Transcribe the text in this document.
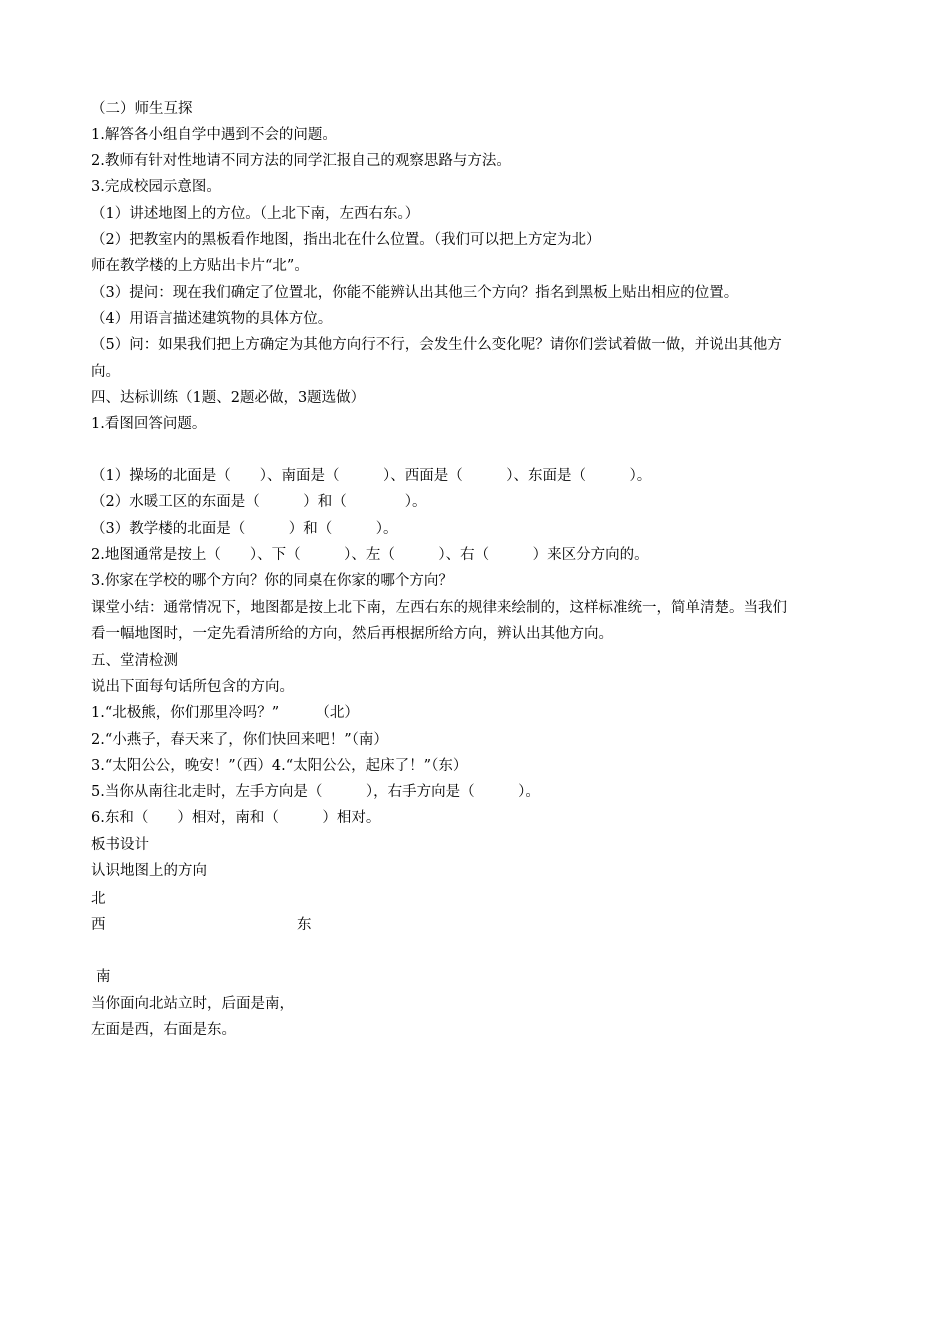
（二）师生互探
1.解答各小组自学中遇到不会的问题。
2.教师有针对性地请不同方法的同学汇报自己的观察思路与方法。
3.完成校园示意图。
（1）讲述地图上的方位。（上北下南，左西右东。）
（2）把教室内的黑板看作地图，指出北在什么位置。（我们可以把上方定为北）
师在教学楼的上方贴出卡片“北”。
（3）提问：现在我们确定了位置北，你能不能辨认出其他三个方向？指名到黑板上贴出相应的位置。
（4）用语言描述建筑物的具体方位。
（5）问：如果我们把上方确定为其他方向行不行，会发生什么变化呢？请你们尝试着做一做，并说出其他方
向。
四、达标训练（1题、2题必做，3题选做）
1.看图回答问题。
（1）操场的北面是（　　）、南面是（　　　）、西面是（　　　）、东面是（　　　）。
（2）水暖工区的东面是（　　　）和（　　　　）。
（3）教学楼的北面是（　　　）和（　　　）。
2.地图通常是按上（　　）、下（　　　）、左（　　　）、右（　　　）来区分方向的。
3.你家在学校的哪个方向？你的同桌在你家的哪个方向？
课堂小结：通常情况下，地图都是按上北下南，左西右东的规律来绘制的，这样标准统一，简单清楚。当我们
看一幅地图时，一定先看清所给的方向，然后再根据所给方向，辨认出其他方向。
五、堂清检测
说出下面每句话所包含的方向。
1.“北极熊，你们那里冷吗？”　　　（北）
2.“小燕子，春天来了，你们快回来吧！”（南）
3.“太阳公公，晚安！”（西）4.“太阳公公，起床了！”（东）
5.当你从南往北走时，左手方向是（　　　），右手方向是（　　　）。
6.东和（　　）相对，南和（　　　）相对。
板书设计
认识地图上的方向
北
西	东
南
当你面向北站立时，后面是南，
左面是西，右面是东。
